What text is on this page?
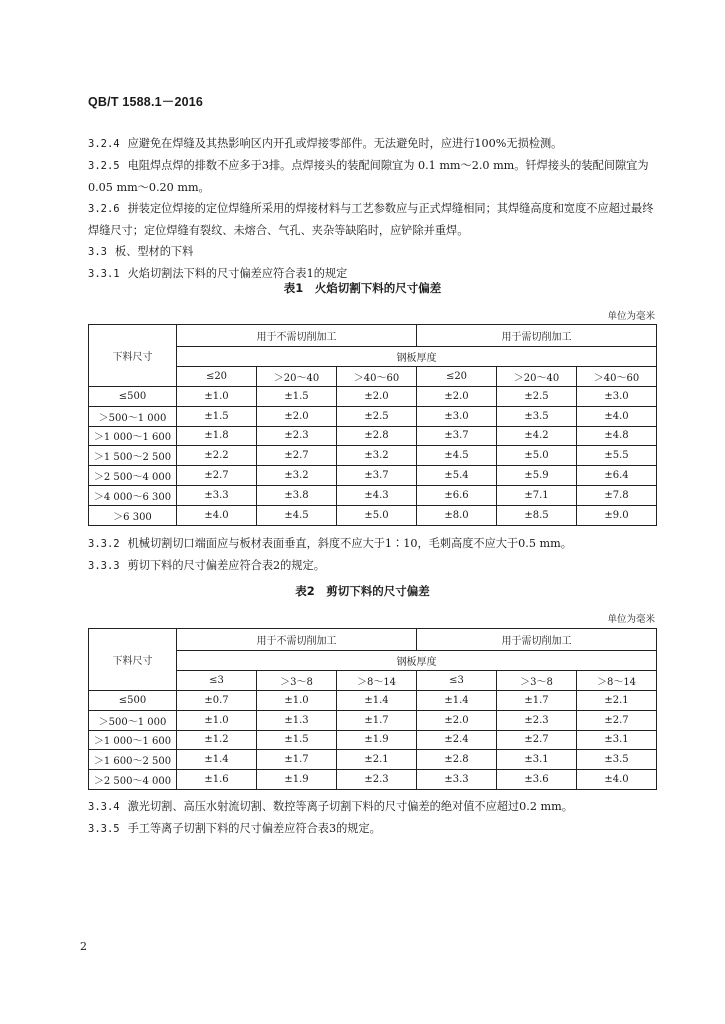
QB/T 1588.1－2016

3.2.4 应避免在焊缝及其热影响区内开孔或焊接零部件。无法避免时，应进行100%无损检测。

3.2.5 电阻焊点焊的排数不应多于3排。点焊接头的装配间隙宜为 0.1 mm～2.0 mm。钎焊接头的装配间隙宜为 0.05 mm～0.20 mm。

3.2.6 拼装定位焊接的定位焊缝所采用的焊接材料与工艺参数应与正式焊缝相同；其焊缝高度和宽度不应超过最终焊缝尺寸；定位焊缝有裂纹、未熔合、气孔、夹杂等缺陷时，应铲除并重焊。

3.3 板、型材的下料

3.3.1 火焰切割法下料的尺寸偏差应符合表1的规定

表1　火焰切割下料的尺寸偏差
单位为毫米
下料尺寸	用于不需切削加工			用于需切削加工		
	钢板厚度					
	≤20	＞20～40	＞40～60	≤20	＞20～40	＞40～60
≤500	±1.0	±1.5	±2.0	±2.0	±2.5	±3.0
＞500～1 000	±1.5	±2.0	±2.5	±3.0	±3.5	±4.0
＞1 000～1 600	±1.8	±2.3	±2.8	±3.7	±4.2	±4.8
＞1 500～2 500	±2.2	±2.7	±3.2	±4.5	±5.0	±5.5
＞2 500～4 000	±2.7	±3.2	±3.7	±5.4	±5.9	±6.4
＞4 000～6 300	±3.3	±3.8	±4.3	±6.6	±7.1	±7.8
＞6 300	±4.0	±4.5	±5.0	±8.0	±8.5	±9.0

3.3.2 机械切割切口端面应与板材表面垂直，斜度不应大于1∶10，毛刺高度不应大于0.5 mm。

3.3.3 剪切下料的尺寸偏差应符合表2的规定。

表2　剪切下料的尺寸偏差
单位为毫米
下料尺寸	用于不需切削加工			用于需切削加工		
	钢板厚度					
	≤3	＞3～8	＞8～14	≤3	＞3～8	＞8～14
≤500	±0.7	±1.0	±1.4	±1.4	±1.7	±2.1
＞500～1 000	±1.0	±1.3	±1.7	±2.0	±2.3	±2.7
＞1 000～1 600	±1.2	±1.5	±1.9	±2.4	±2.7	±3.1
＞1 600～2 500	±1.4	±1.7	±2.1	±2.8	±3.1	±3.5
＞2 500～4 000	±1.6	±1.9	±2.3	±3.3	±3.6	±4.0

3.3.4 激光切割、高压水射流切割、数控等离子切割下料的尺寸偏差的绝对值不应超过0.2 mm。

3.3.5 手工等离子切割下料的尺寸偏差应符合表3的规定。

2
